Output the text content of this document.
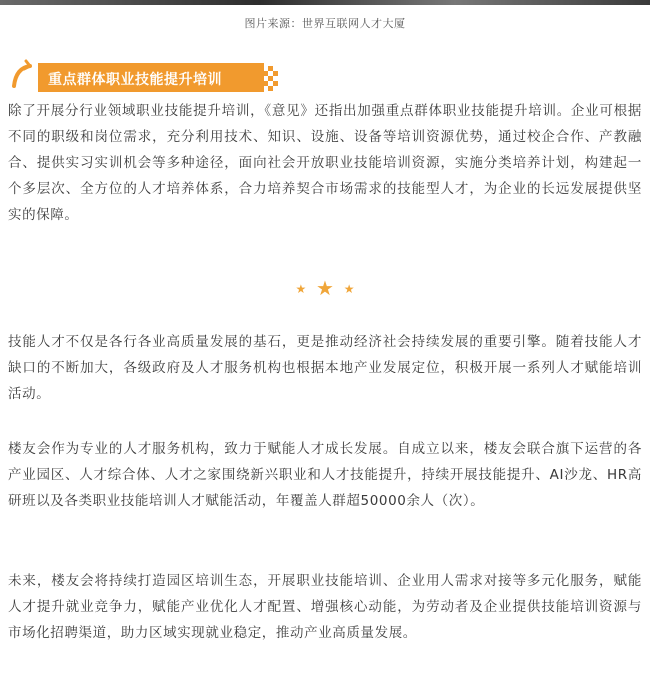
图片来源：世界互联网人才大厦
重点群体职业技能提升培训

除了开展分行业领域职业技能提升培训，《意见》还指出加强重点群体职业技能提升培训。企业可根据不同的职级和岗位需求，充分利用技术、知识、设施、设备等培训资源优势，通过校企合作、产教融合、提供实习实训机会等多种途径，面向社会开放职业技能培训资源，实施分类培养计划，构建起一个多层次、全方位的人才培养体系，合力培养契合市场需求的技能型人才，为企业的长远发展提供坚实的保障。

★ ★ ★

技能人才不仅是各行各业高质量发展的基石，更是推动经济社会持续发展的重要引擎。随着技能人才缺口的不断加大，各级政府及人才服务机构也根据本地产业发展定位，积极开展一系列人才赋能培训活动。

楼友会作为专业的人才服务机构，致力于赋能人才成长发展。自成立以来，楼友会联合旗下运营的各产业园区、人才综合体、人才之家围绕新兴职业和人才技能提升，持续开展技能提升、AI沙龙、HR高研班以及各类职业技能培训人才赋能活动，年覆盖人群超50000余人（次）。

未来，楼友会将持续打造园区培训生态，开展职业技能培训、企业用人需求对接等多元化服务，赋能人才提升就业竞争力，赋能产业优化人才配置、增强核心动能，为劳动者及企业提供技能培训资源与市场化招聘渠道，助力区域实现就业稳定，推动产业高质量发展。
